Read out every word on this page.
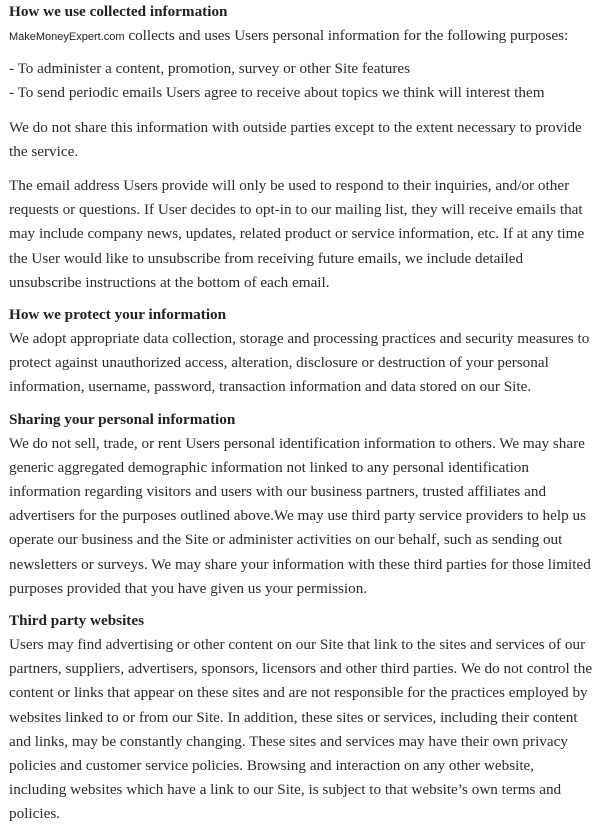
How we use collected information

MakeMoneyExpert.com collects and uses Users personal information for the following purposes:

- To administer a content, promotion, survey or other Site features

- To send periodic emails Users agree to receive about topics we think will interest them

We do not share this information with outside parties except to the extent necessary to provide the service.

The email address Users provide will only be used to respond to their inquiries, and/or other requests or questions. If User decides to opt-in to our mailing list, they will receive emails that may include company news, updates, related product or service information, etc. If at any time the User would like to unsubscribe from receiving future emails, we include detailed unsubscribe instructions at the bottom of each email.

How we protect your information

We adopt appropriate data collection, storage and processing practices and security measures to protect against unauthorized access, alteration, disclosure or destruction of your personal information, username, password, transaction information and data stored on our Site.

Sharing your personal information

We do not sell, trade, or rent Users personal identification information to others. We may share generic aggregated demographic information not linked to any personal identification information regarding visitors and users with our business partners, trusted affiliates and advertisers for the purposes outlined above.We may use third party service providers to help us operate our business and the Site or administer activities on our behalf, such as sending out newsletters or surveys. We may share your information with these third parties for those limited purposes provided that you have given us your permission.

Third party websites

Users may find advertising or other content on our Site that link to the sites and services of our partners, suppliers, advertisers, sponsors, licensors and other third parties. We do not control the content or links that appear on these sites and are not responsible for the practices employed by websites linked to or from our Site. In addition, these sites or services, including their content and links, may be constantly changing. These sites and services may have their own privacy policies and customer service policies. Browsing and interaction on any other website, including websites which have a link to our Site, is subject to that website’s own terms and policies.
